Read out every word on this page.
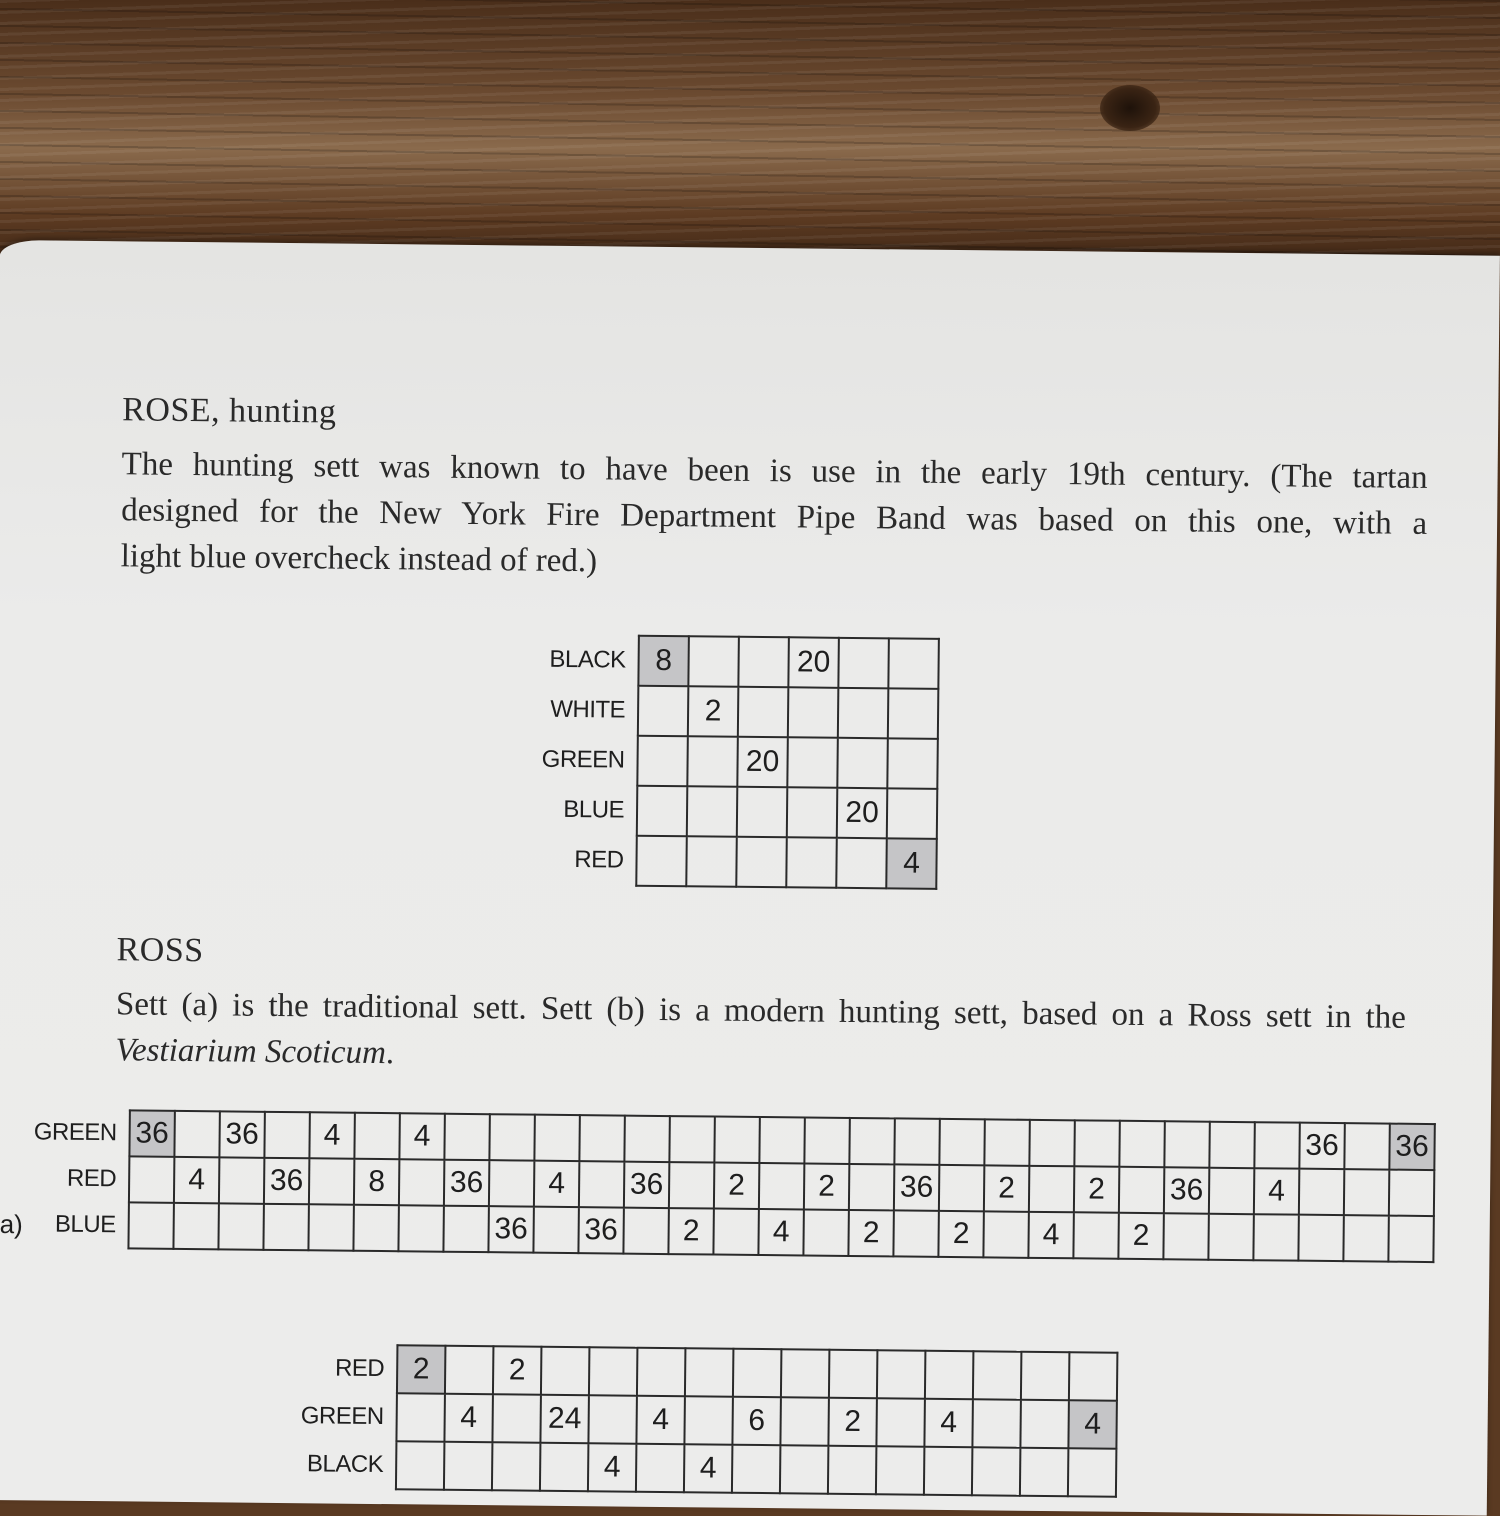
ROSE, hunting
The hunting sett was known to have been is use in the early 19th century. (The tartan
designed for the New York Fire Department Pipe Band was based on this one, with a
light blue overcheck instead of red.)
BLACK	8			20		
WHITE		2				
GREEN			20			
BLUE					20	
RED						4
ROSS
Sett (a) is the traditional sett. Sett (b) is a modern hunting sett, based on a Ross sett in the
Vestiarium Scoticum.
	GREEN	36		36		4		4																				36		36
	RED		4		36		8		36		4		36		2		2		36		2		2		36		4			
a)	BLUE									36		36		2		4		2		2		4		2						
RED	2		2												
GREEN		4		24		4		6		2		4			4
BLACK					4		4								
